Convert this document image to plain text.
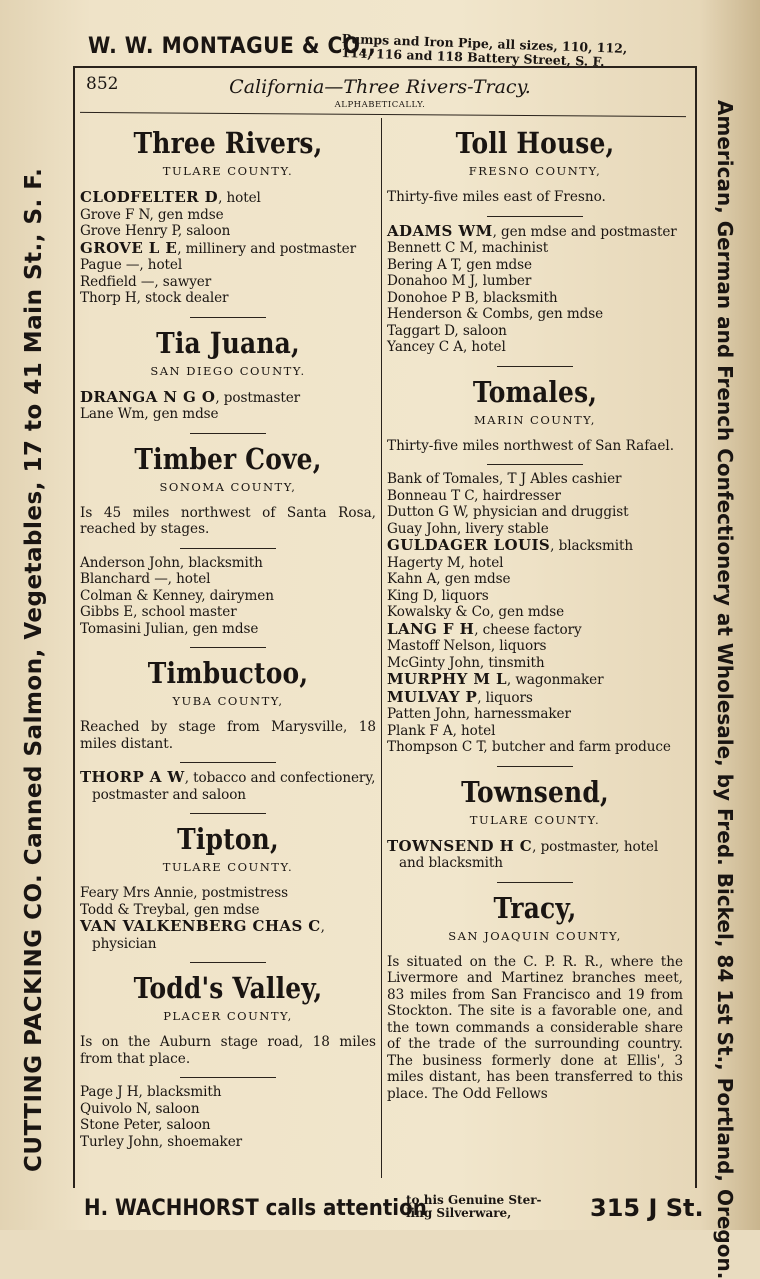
W. W. MONTAGUE & CO.,
Pumps and Iron Pipe, all sizes, 110, 112,
114, 116 and 118 Battery Street, S. F.
852	California—Three Rivers-Tracy.
ALPHABETICALLY.
Three Rivers,
TULARE COUNTY.
CLODFELTER D, hotel
Grove F N, gen mdse
Grove Henry P, saloon
GROVE L E, millinery and postmaster
Pague —, hotel
Redfield —, sawyer
Thorp H, stock dealer
Tia Juana,
SAN DIEGO COUNTY.
DRANGA N G O, postmaster
Lane Wm, gen mdse
Timber Cove,
SONOMA COUNTY,
Is 45 miles northwest of Santa Rosa, reached by stages.
Anderson John, blacksmith
Blanchard —, hotel
Colman & Kenney, dairymen
Gibbs E, school master
Tomasini Julian, gen mdse
Timbuctoo,
YUBA COUNTY,
Reached by stage from Marysville, 18 miles distant.
THORP A W, tobacco and confectionery, postmaster and saloon
Tipton,
TULARE COUNTY.
Feary Mrs Annie, postmistress
Todd & Treybal, gen mdse
VAN VALKENBERG CHAS C, physician
Todd's Valley,
PLACER COUNTY,
Is on the Auburn stage road, 18 miles from that place.
Page J H, blacksmith
Quivolo N, saloon
Stone Peter, saloon
Turley John, shoemaker
Toll House,
FRESNO COUNTY,
Thirty-five miles east of Fresno.
ADAMS WM, gen mdse and postmaster
Bennett C M, machinist
Bering A T, gen mdse
Donahoo M J, lumber
Donohoe P B, blacksmith
Henderson & Combs, gen mdse
Taggart D, saloon
Yancey C A, hotel
Tomales,
MARIN COUNTY,
Thirty-five miles northwest of San Rafael.
Bank of Tomales, T J Ables cashier
Bonneau T C, hairdresser
Dutton G W, physician and druggist
Guay John, livery stable
GULDAGER LOUIS, blacksmith
Hagerty M, hotel
Kahn A, gen mdse
King D, liquors
Kowalsky & Co, gen mdse
LANG F H, cheese factory
Mastoff Nelson, liquors
McGinty John, tinsmith
MURPHY M L, wagonmaker
MULVAY P, liquors
Patten John, harnessmaker
Plank F A, hotel
Thompson C T, butcher and farm produce
Townsend,
TULARE COUNTY.
TOWNSEND H C, postmaster, hotel and blacksmith
Tracy,
SAN JOAQUIN COUNTY,
Is situated on the C. P. R. R., where the Livermore and Martinez branches meet, 83 miles from San Francisco and 19 from Stockton. The site is a favorable one, and the town commands a considerable share of the trade of the surrounding country. The business formerly done at Ellis', 3 miles distant, has been transferred to this place. The Odd Fellows
CUTTING PACKING CO. Canned Salmon, Vegetables, 17 to 41 Main St., S. F.	American, German and French Confectionery at Wholesale, by Fred. Bickel, 84 1st St., Portland, Oregon.
H. WACHHORST calls attention
to his Genuine Ster-
ling Silverware,	315 J St.
